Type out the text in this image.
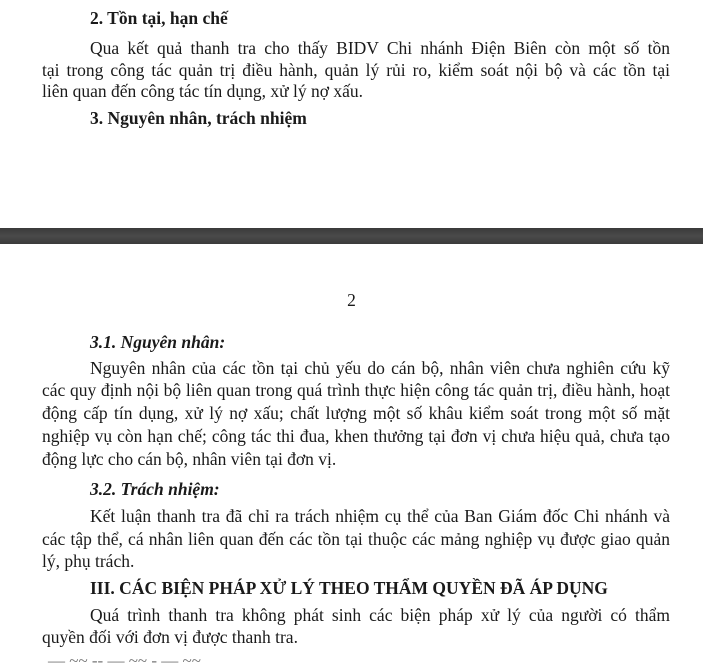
2. Tồn tại, hạn chế
Qua kết quả thanh tra cho thấy BIDV Chi nhánh Điện Biên còn một số tồn
tại trong công tác quản trị điều hành, quản lý rủi ro, kiểm soát nội bộ và các tồn tại
liên quan đến công tác tín dụng, xử lý nợ xấu.
3. Nguyên nhân, trách nhiệm
2
3.1. Nguyên nhân:
Nguyên nhân của các tồn tại chủ yếu do cán bộ, nhân viên chưa nghiên cứu kỹ
các quy định nội bộ liên quan trong quá trình thực hiện công tác quản trị, điều hành, hoạt
động cấp tín dụng, xử lý nợ xấu; chất lượng một số khâu kiểm soát trong một số mặt
nghiệp vụ còn hạn chế; công tác thi đua, khen thưởng tại đơn vị chưa hiệu quả, chưa tạo
động lực cho cán bộ, nhân viên tại đơn vị.
3.2. Trách nhiệm:
Kết luận thanh tra đã chỉ ra trách nhiệm cụ thể của Ban Giám đốc Chi nhánh và
các tập thể, cá nhân liên quan đến các tồn tại thuộc các mảng nghiệp vụ được giao quản
lý, phụ trách.
III. CÁC BIỆN PHÁP XỬ LÝ THEO THẨM QUYỀN ĐÃ ÁP DỤNG
Quá trình thanh tra không phát sinh các biện pháp xử lý của người có thẩm
quyền đối với đơn vị được thanh tra.
— ~~ ‑‑ — ~~ ‑ — ~~
